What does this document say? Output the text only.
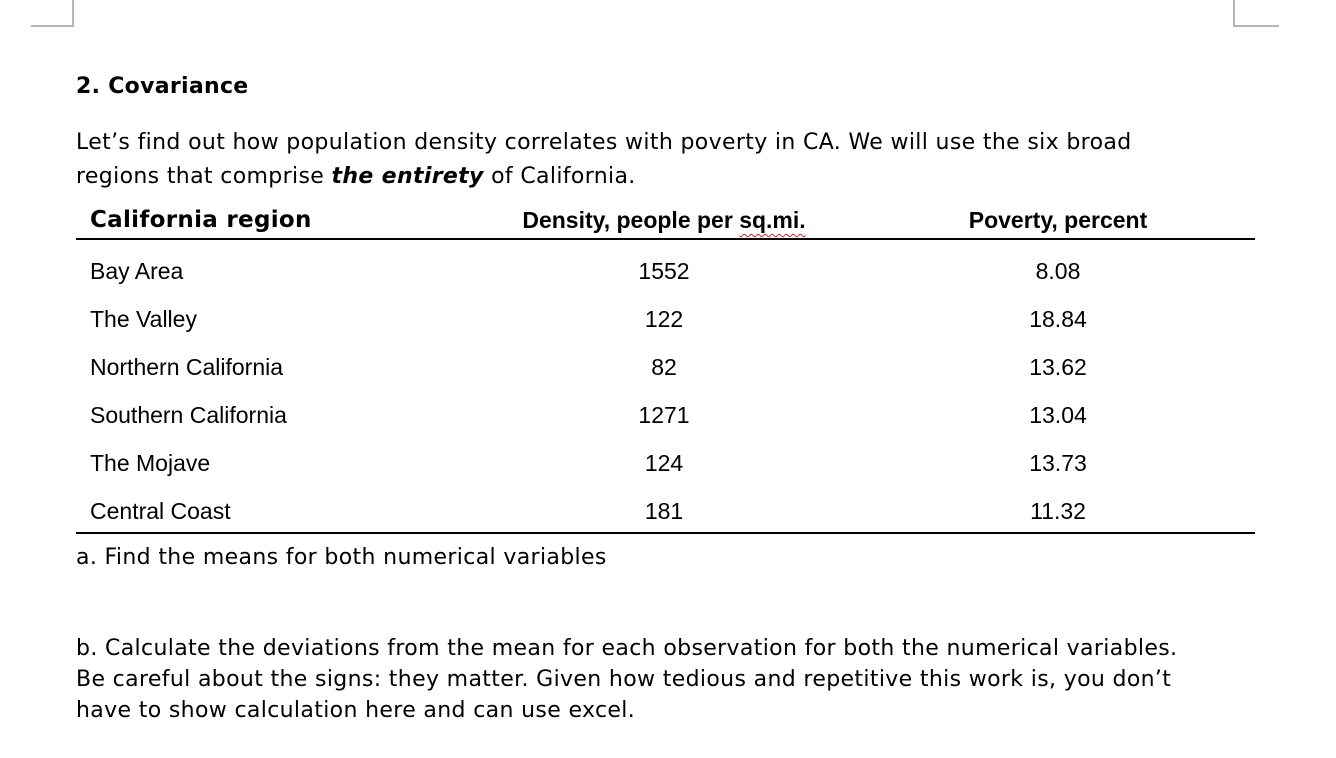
2. Covariance
Let’s find out how population density correlates with poverty in CA. We will use the six broad regions that comprise the entirety of California.
California region	Density, people per sq.mi.	Poverty, percent
Bay Area	1552	8.08
The Valley	122	18.84
Northern California	82	13.62
Southern California	1271	13.04
The Mojave	124	13.73
Central Coast	181	11.32
a. Find the means for both numerical variables
b. Calculate the deviations from the mean for each observation for both the numerical variables. Be careful about the signs: they matter. Given how tedious and repetitive this work is, you don’t have to show calculation here and can use excel.
